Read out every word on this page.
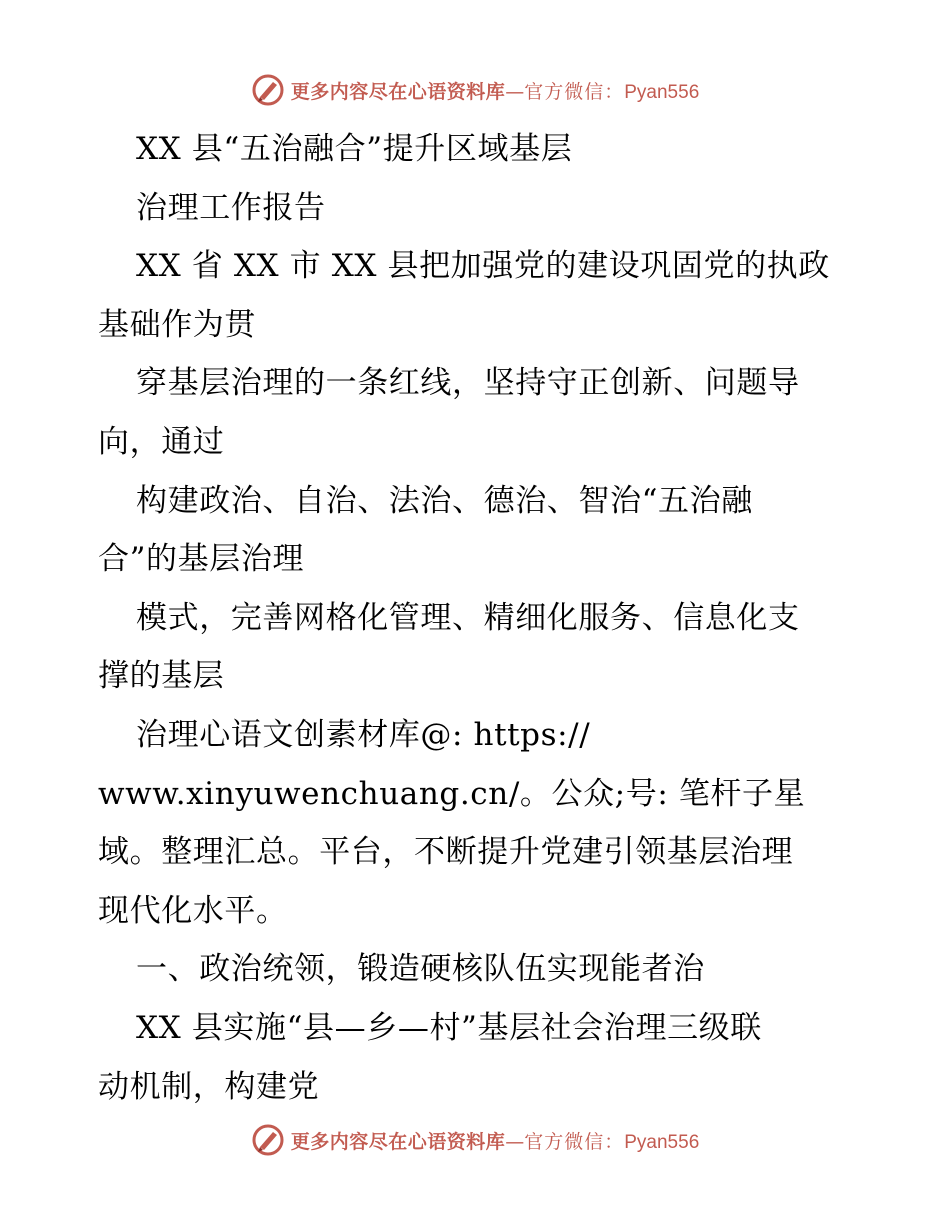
更多内容尽在心语资料库—官方微信：Pyan556
XX 县“五治融合”提升区域基层
治理工作报告
XX 省 XX 市 XX 县把加强党的建设巩固党的执政
基础作为贯
穿基层治理的一条红线，坚持守正创新、问题导
向，通过
构建政治、自治、法治、德治、智治“五治融
合”的基层治理
模式，完善网格化管理、精细化服务、信息化支
撑的基层
治理心语文创素材库@: https://
www.xinyuwenchuang.cn/。公众;号: 笔杆子星
域。整理汇总。平台，不断提升党建引领基层治理
现代化水平。
一、政治统领，锻造硬核队伍实现能者治
XX 县实施“县—乡—村”基层社会治理三级联
动机制，构建党
更多内容尽在心语资料库—官方微信：Pyan556
